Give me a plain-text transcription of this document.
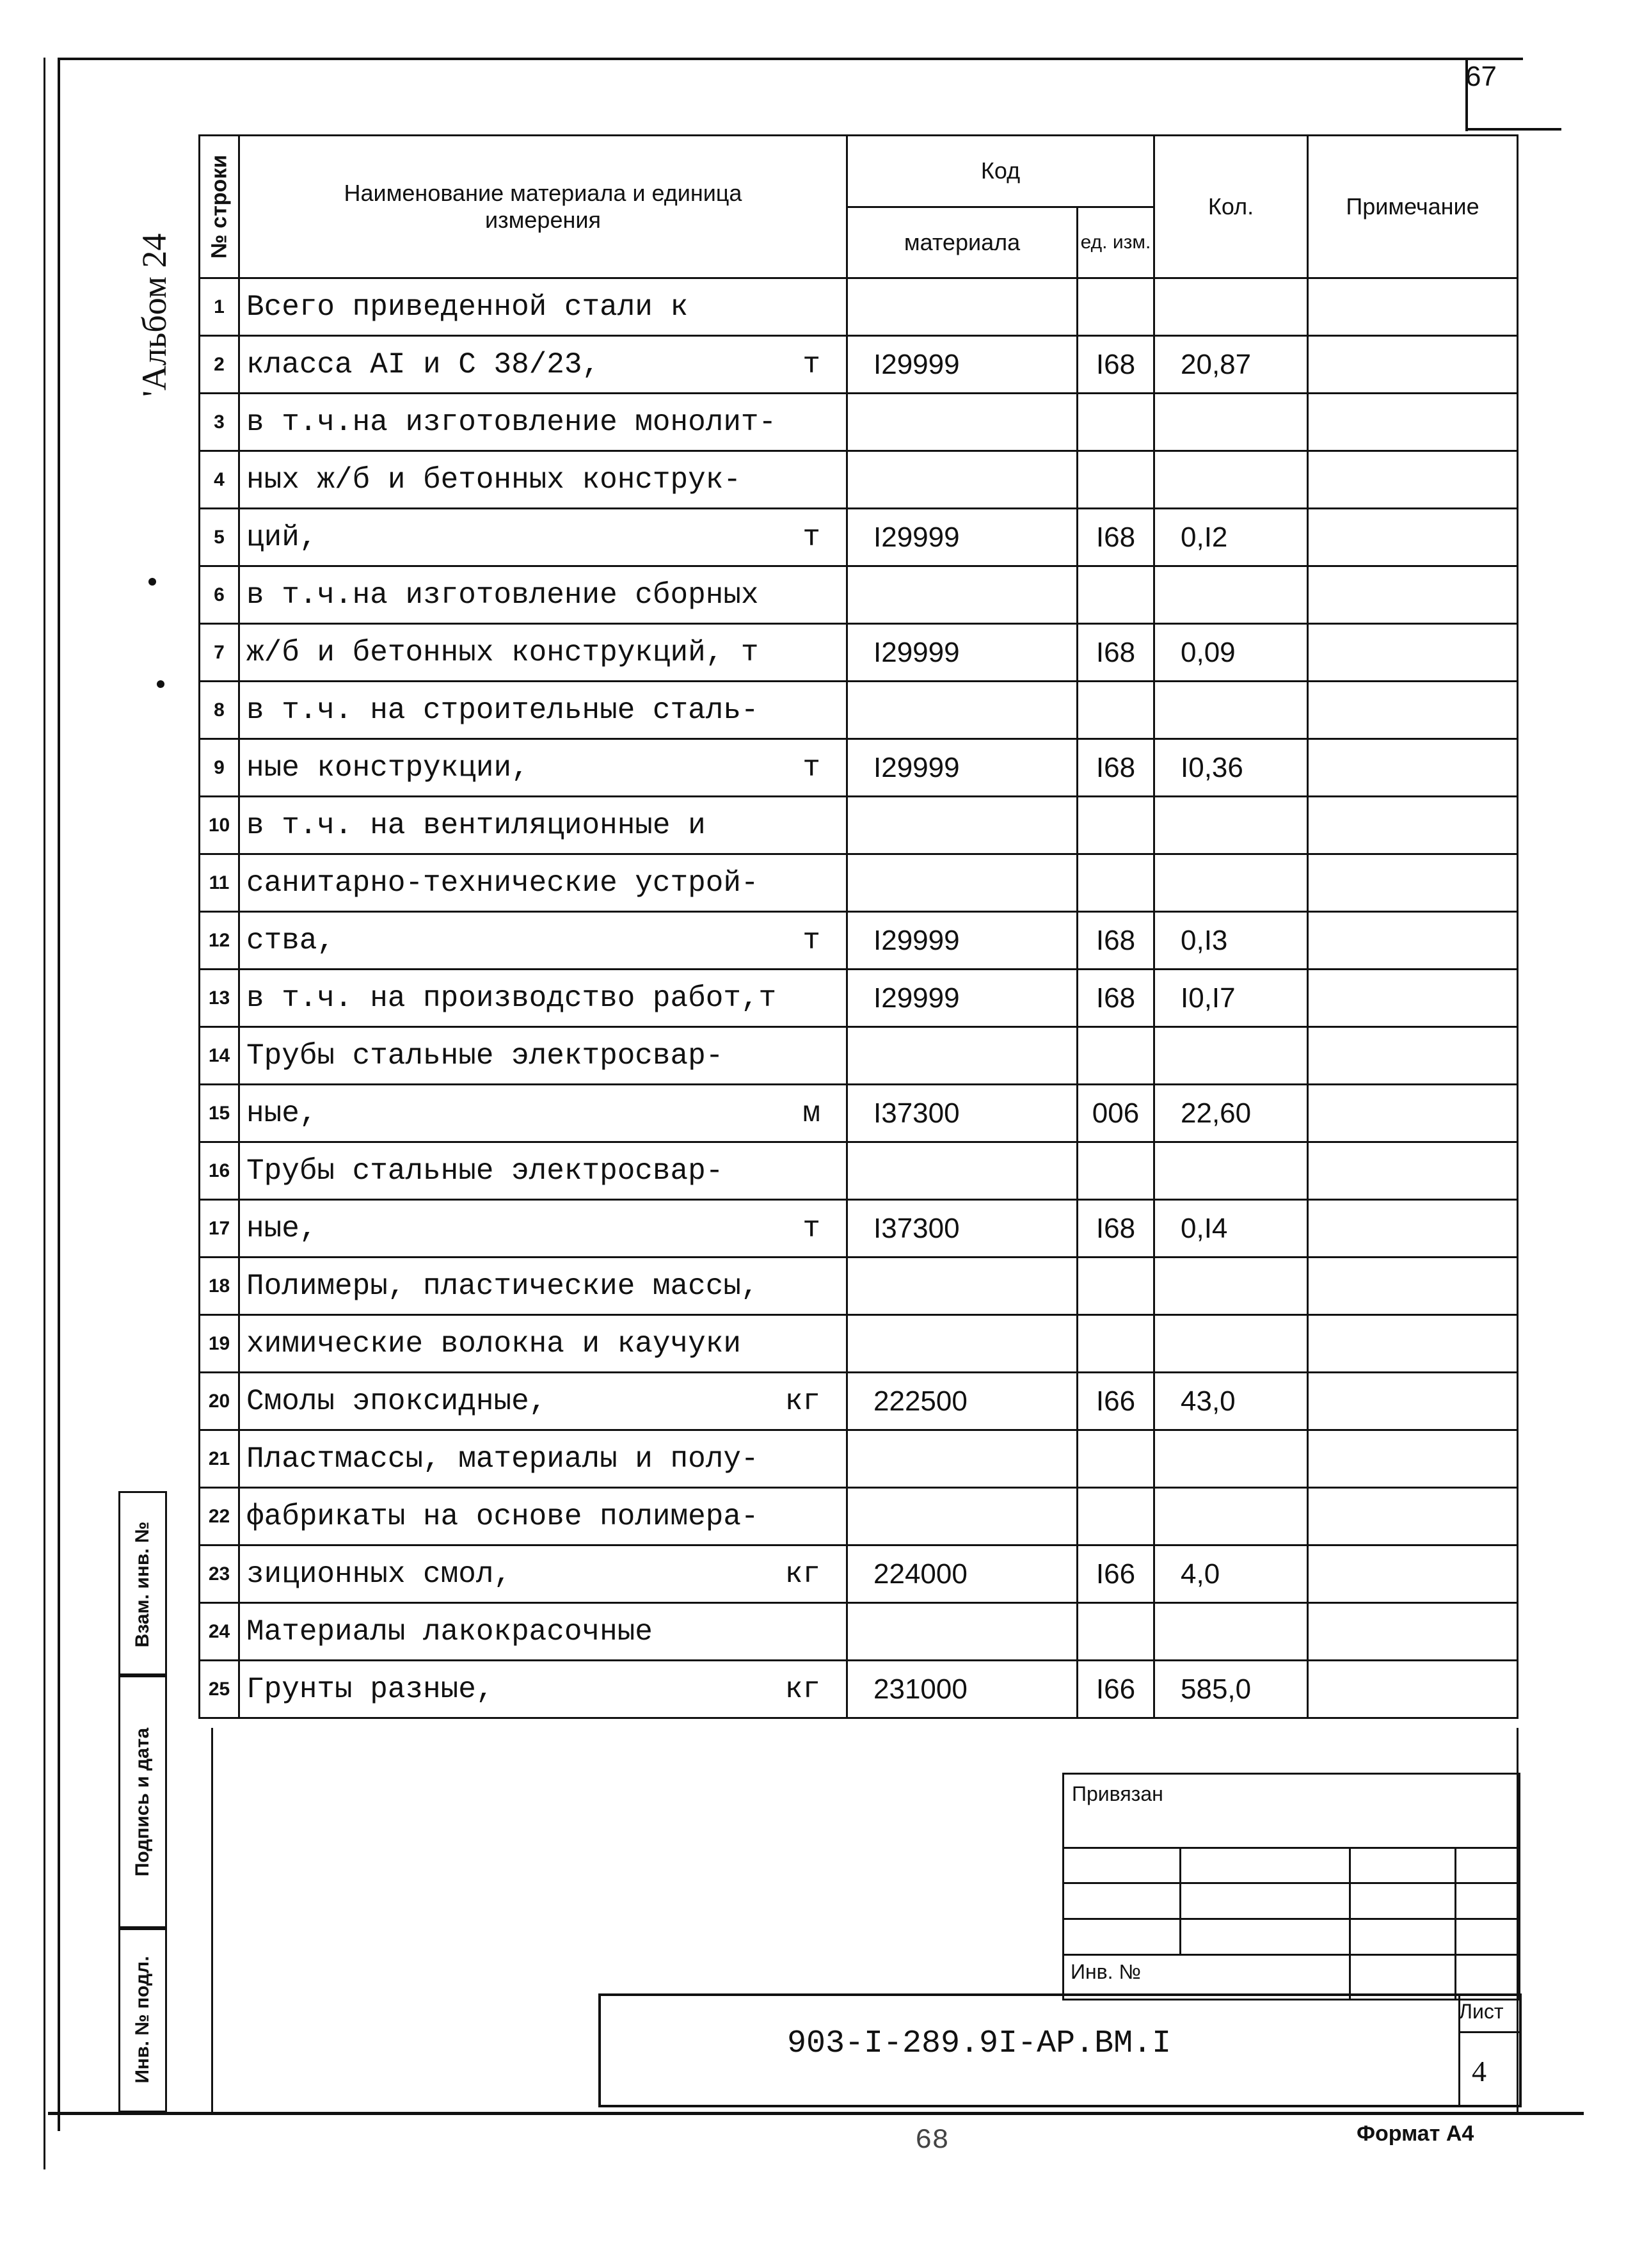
67
'Альбом 24
№ строки	Наименование материала и единица измерения	Код		Кол.	Примечание
		материала	ед. изм.		
1	Всего приведенной стали к

2	класса АI и С 38/23, т	I29999	I68	20,87	
3	в т.ч.на изготовление монолит-

4	ных ж/б и бетонных конструк-

5	ций, т	I29999	I68	0,I2	
6	в т.ч.на изготовление сборных

7	ж/б и бетонных конструкций, т	I29999	I68	0,09	
8	в т.ч. на строительные сталь-

9	ные конструкции, т	I29999	I68	I0,36	
10	в т.ч. на вентиляционные и

11	санитарно-технические устрой-

12	ства, т	I29999	I68	0,I3	
13	в т.ч. на производство работ,т	I29999	I68	I0,I7	
14	Трубы стальные электросвар-

15	ные, м	I37300	006	22,60	
16	Трубы стальные электросвар-

17	ные, т	I37300	I68	0,I4	
18	Полимеры, пластические массы,

19	химические волокна и каучуки

20	Смолы эпоксидные, кг	222500	I66	43,0	
21	Пластмассы, материалы и полу-

22	фабрикаты на основе полимера-

23	зиционных смол, кг	224000	I66	4,0	
24	Материалы лакокрасочные

25	Грунты разные, кг	231000	I66	585,0	
Взам. инв. №
Подпись и дата
Инв. № подл.
Привязан
Инв. №
903-I-289.9I-АР.ВМ.I
Лист
4
68	Формат А4
